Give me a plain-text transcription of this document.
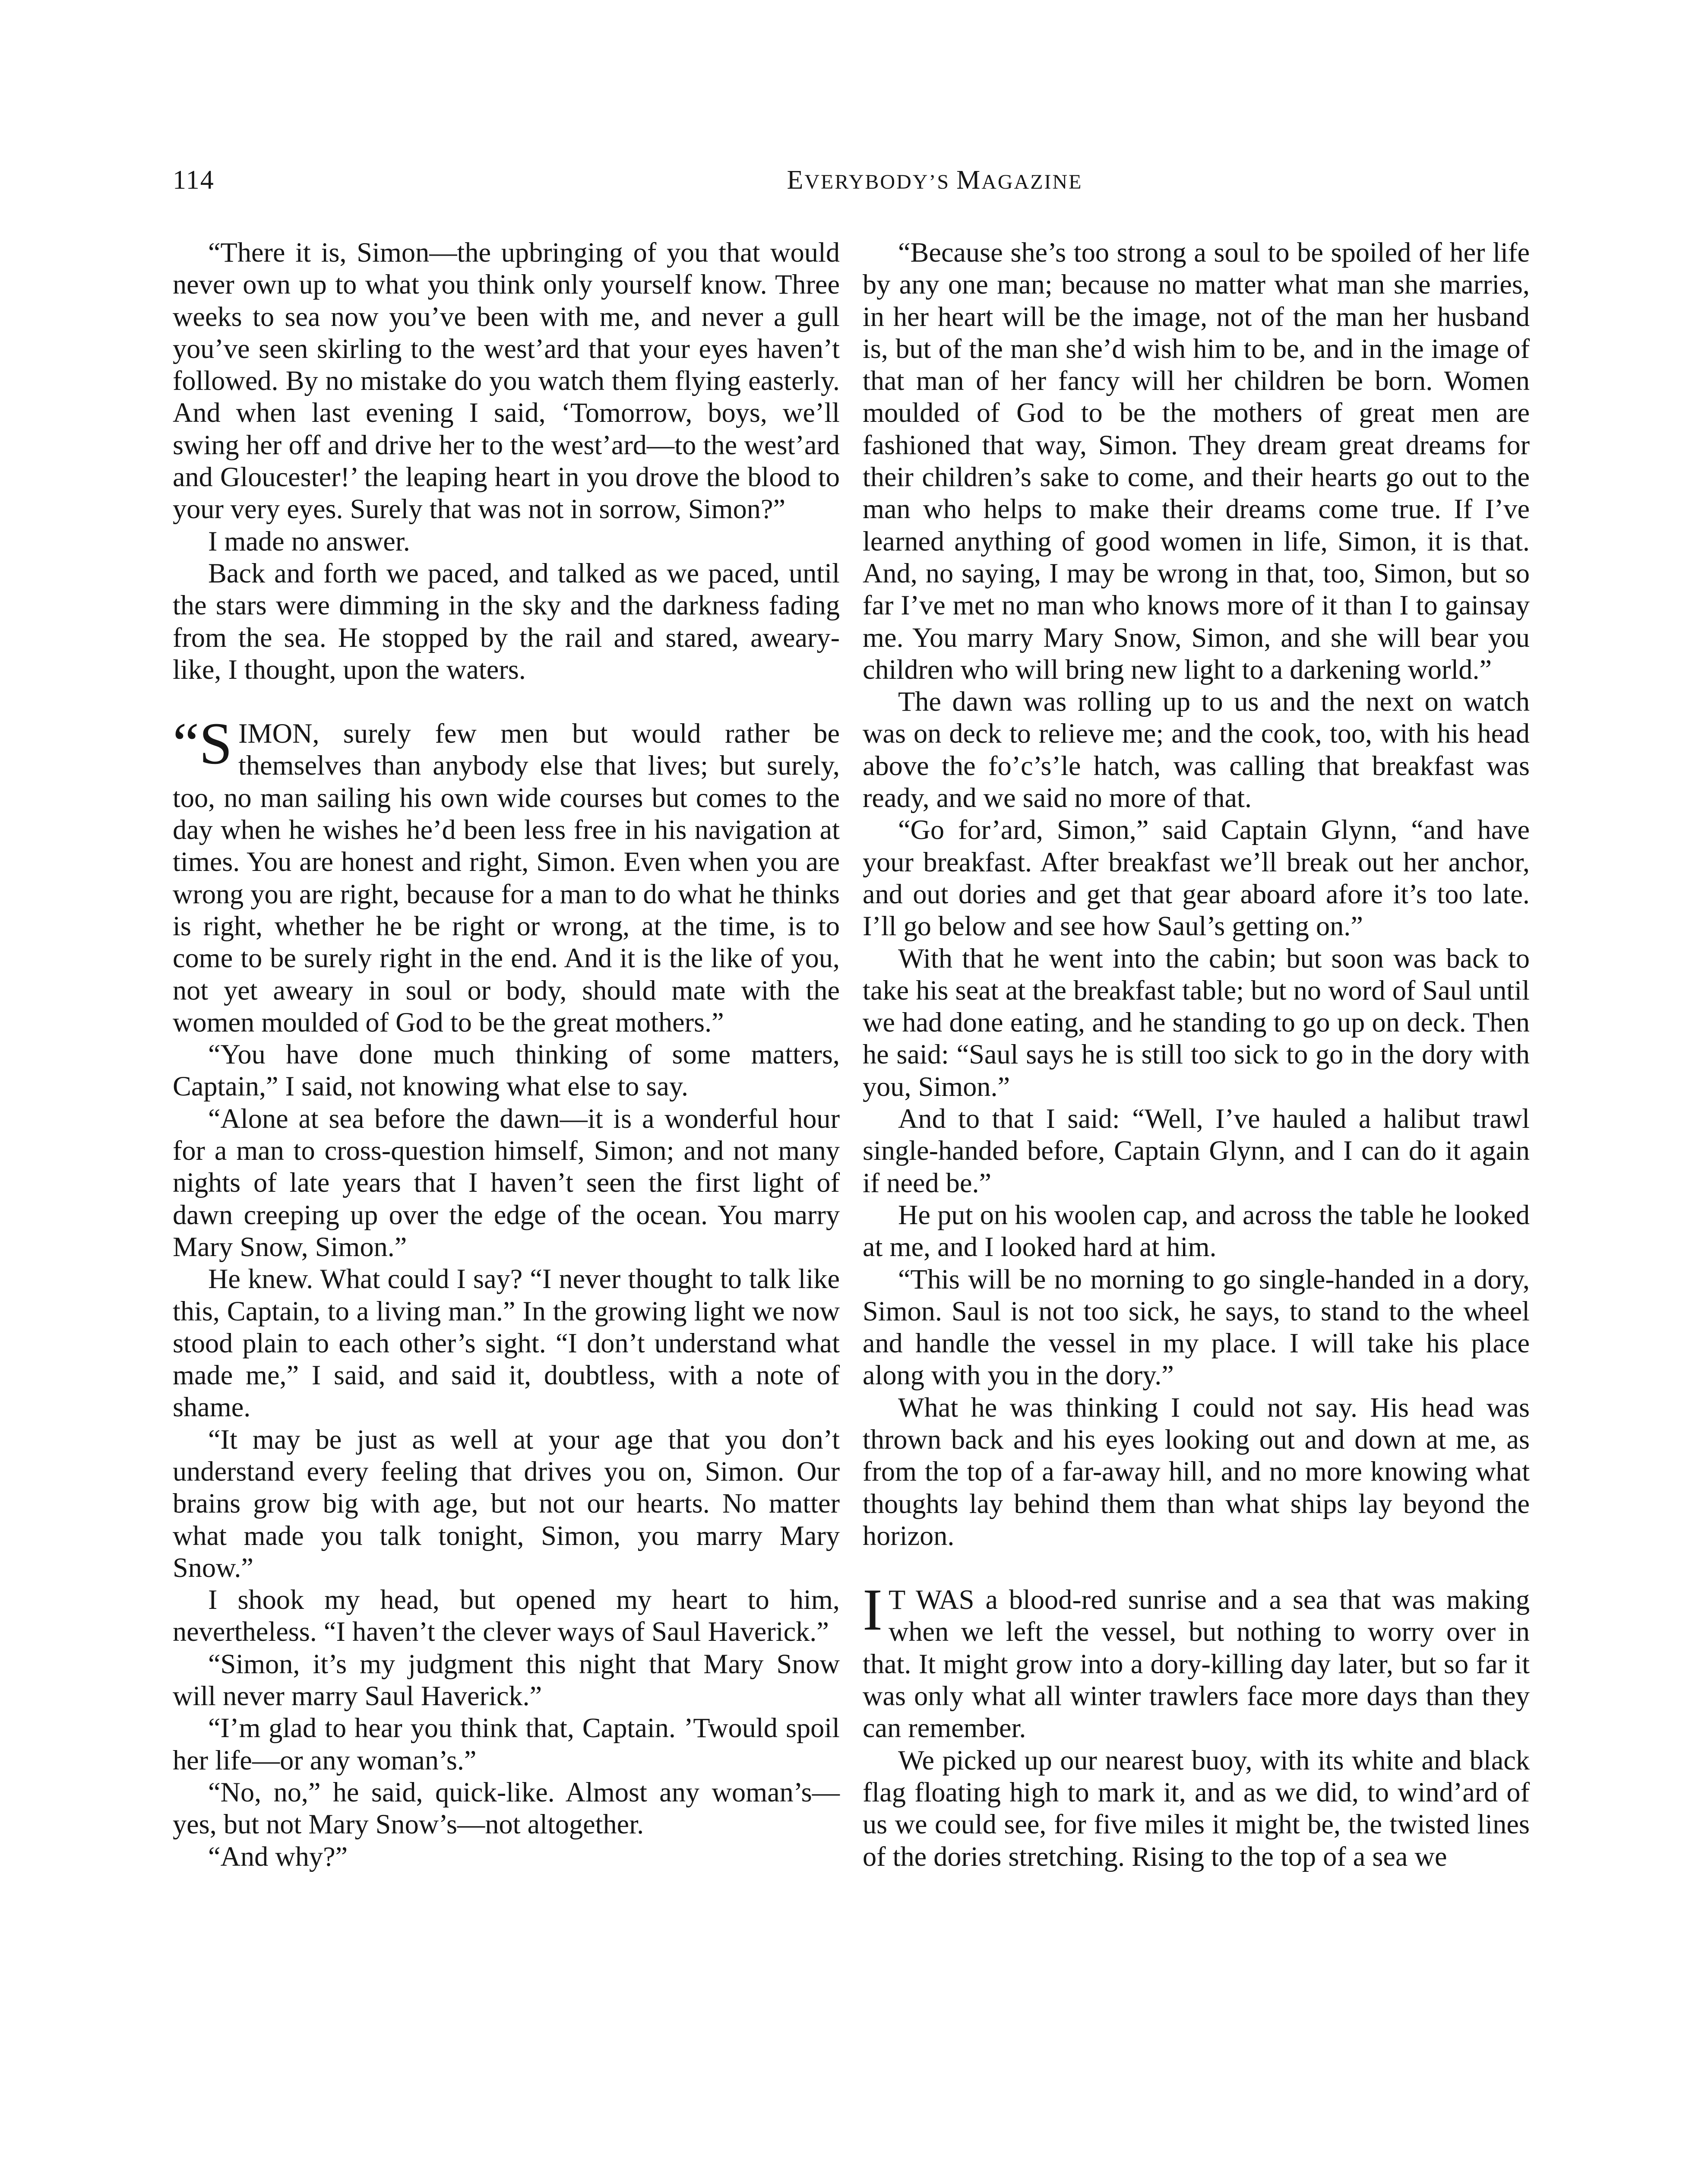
114	EVERYBODY’S MAGAZINE

“There it is, Simon—the upbringing of you that would never own up to what you think only yourself know. Three weeks to sea now you’ve been with me, and never a gull you’ve seen skirling to the west’ard that your eyes haven’t followed. By no mistake do you watch them flying easterly. And when last evening I said, ‘Tomorrow, boys, we’ll swing her off and drive her to the west’ard—to the west’ard and Gloucester!’ the leaping heart in you drove the blood to your very eyes. Surely that was not in sorrow, Simon?”

I made no answer.

Back and forth we paced, and talked as we paced, until the stars were dimming in the sky and the darkness fading from the sea. He stopped by the rail and stared, aweary-like, I thought, upon the waters.

“SIMON, surely few men but would rather be themselves than anybody else that lives; but surely, too, no man sailing his own wide courses but comes to the day when he wishes he’d been less free in his navigation at times. You are honest and right, Simon. Even when you are wrong you are right, because for a man to do what he thinks is right, whether he be right or wrong, at the time, is to come to be surely right in the end. And it is the like of you, not yet aweary in soul or body, should mate with the women moulded of God to be the great mothers.”

“You have done much thinking of some matters, Captain,” I said, not knowing what else to say.

“Alone at sea before the dawn—it is a wonderful hour for a man to cross-question himself, Simon; and not many nights of late years that I haven’t seen the first light of dawn creeping up over the edge of the ocean. You marry Mary Snow, Simon.”

He knew. What could I say? “I never thought to talk like this, Captain, to a living man.” In the growing light we now stood plain to each other’s sight. “I don’t understand what made me,” I said, and said it, doubtless, with a note of shame.

“It may be just as well at your age that you don’t understand every feeling that drives you on, Simon. Our brains grow big with age, but not our hearts. No matter what made you talk tonight, Simon, you marry Mary Snow.”

I shook my head, but opened my heart to him, nevertheless. “I haven’t the clever ways of Saul Haverick.”

“Simon, it’s my judgment this night that Mary Snow will never marry Saul Haverick.”

“I’m glad to hear you think that, Captain. ’Twould spoil her life—or any woman’s.”

“No, no,” he said, quick-like. Almost any woman’s—yes, but not Mary Snow’s—not altogether.

“And why?”

“Because she’s too strong a soul to be spoiled of her life by any one man; because no matter what man she marries, in her heart will be the image, not of the man her husband is, but of the man she’d wish him to be, and in the image of that man of her fancy will her children be born. Women moulded of God to be the mothers of great men are fashioned that way, Simon. They dream great dreams for their children’s sake to come, and their hearts go out to the man who helps to make their dreams come true. If I’ve learned anything of good women in life, Simon, it is that. And, no saying, I may be wrong in that, too, Simon, but so far I’ve met no man who knows more of it than I to gainsay me. You marry Mary Snow, Simon, and she will bear you children who will bring new light to a darkening world.”

The dawn was rolling up to us and the next on watch was on deck to relieve me; and the cook, too, with his head above the fo’c’s’le hatch, was calling that breakfast was ready, and we said no more of that.

“Go for’ard, Simon,” said Captain Glynn, “and have your breakfast. After breakfast we’ll break out her anchor, and out dories and get that gear aboard afore it’s too late. I’ll go below and see how Saul’s getting on.”

With that he went into the cabin; but soon was back to take his seat at the breakfast table; but no word of Saul until we had done eating, and he standing to go up on deck. Then he said: “Saul says he is still too sick to go in the dory with you, Simon.”

And to that I said: “Well, I’ve hauled a halibut trawl single-handed before, Captain Glynn, and I can do it again if need be.”

He put on his woolen cap, and across the table he looked at me, and I looked hard at him.

“This will be no morning to go single-handed in a dory, Simon. Saul is not too sick, he says, to stand to the wheel and handle the vessel in my place. I will take his place along with you in the dory.”

What he was thinking I could not say. His head was thrown back and his eyes looking out and down at me, as from the top of a far-away hill, and no more knowing what thoughts lay behind them than what ships lay beyond the horizon.

I T WAS a blood-red sunrise and a sea that was making when we left the vessel, but nothing to worry over in that. It might grow into a dory-killing day later, but so far it was only what all winter trawlers face more days than they can remember.

We picked up our nearest buoy, with its white and black flag floating high to mark it, and as we did, to wind’ard of us we could see, for five miles it might be, the twisted lines of the dories stretching. Rising to the top of a sea we
